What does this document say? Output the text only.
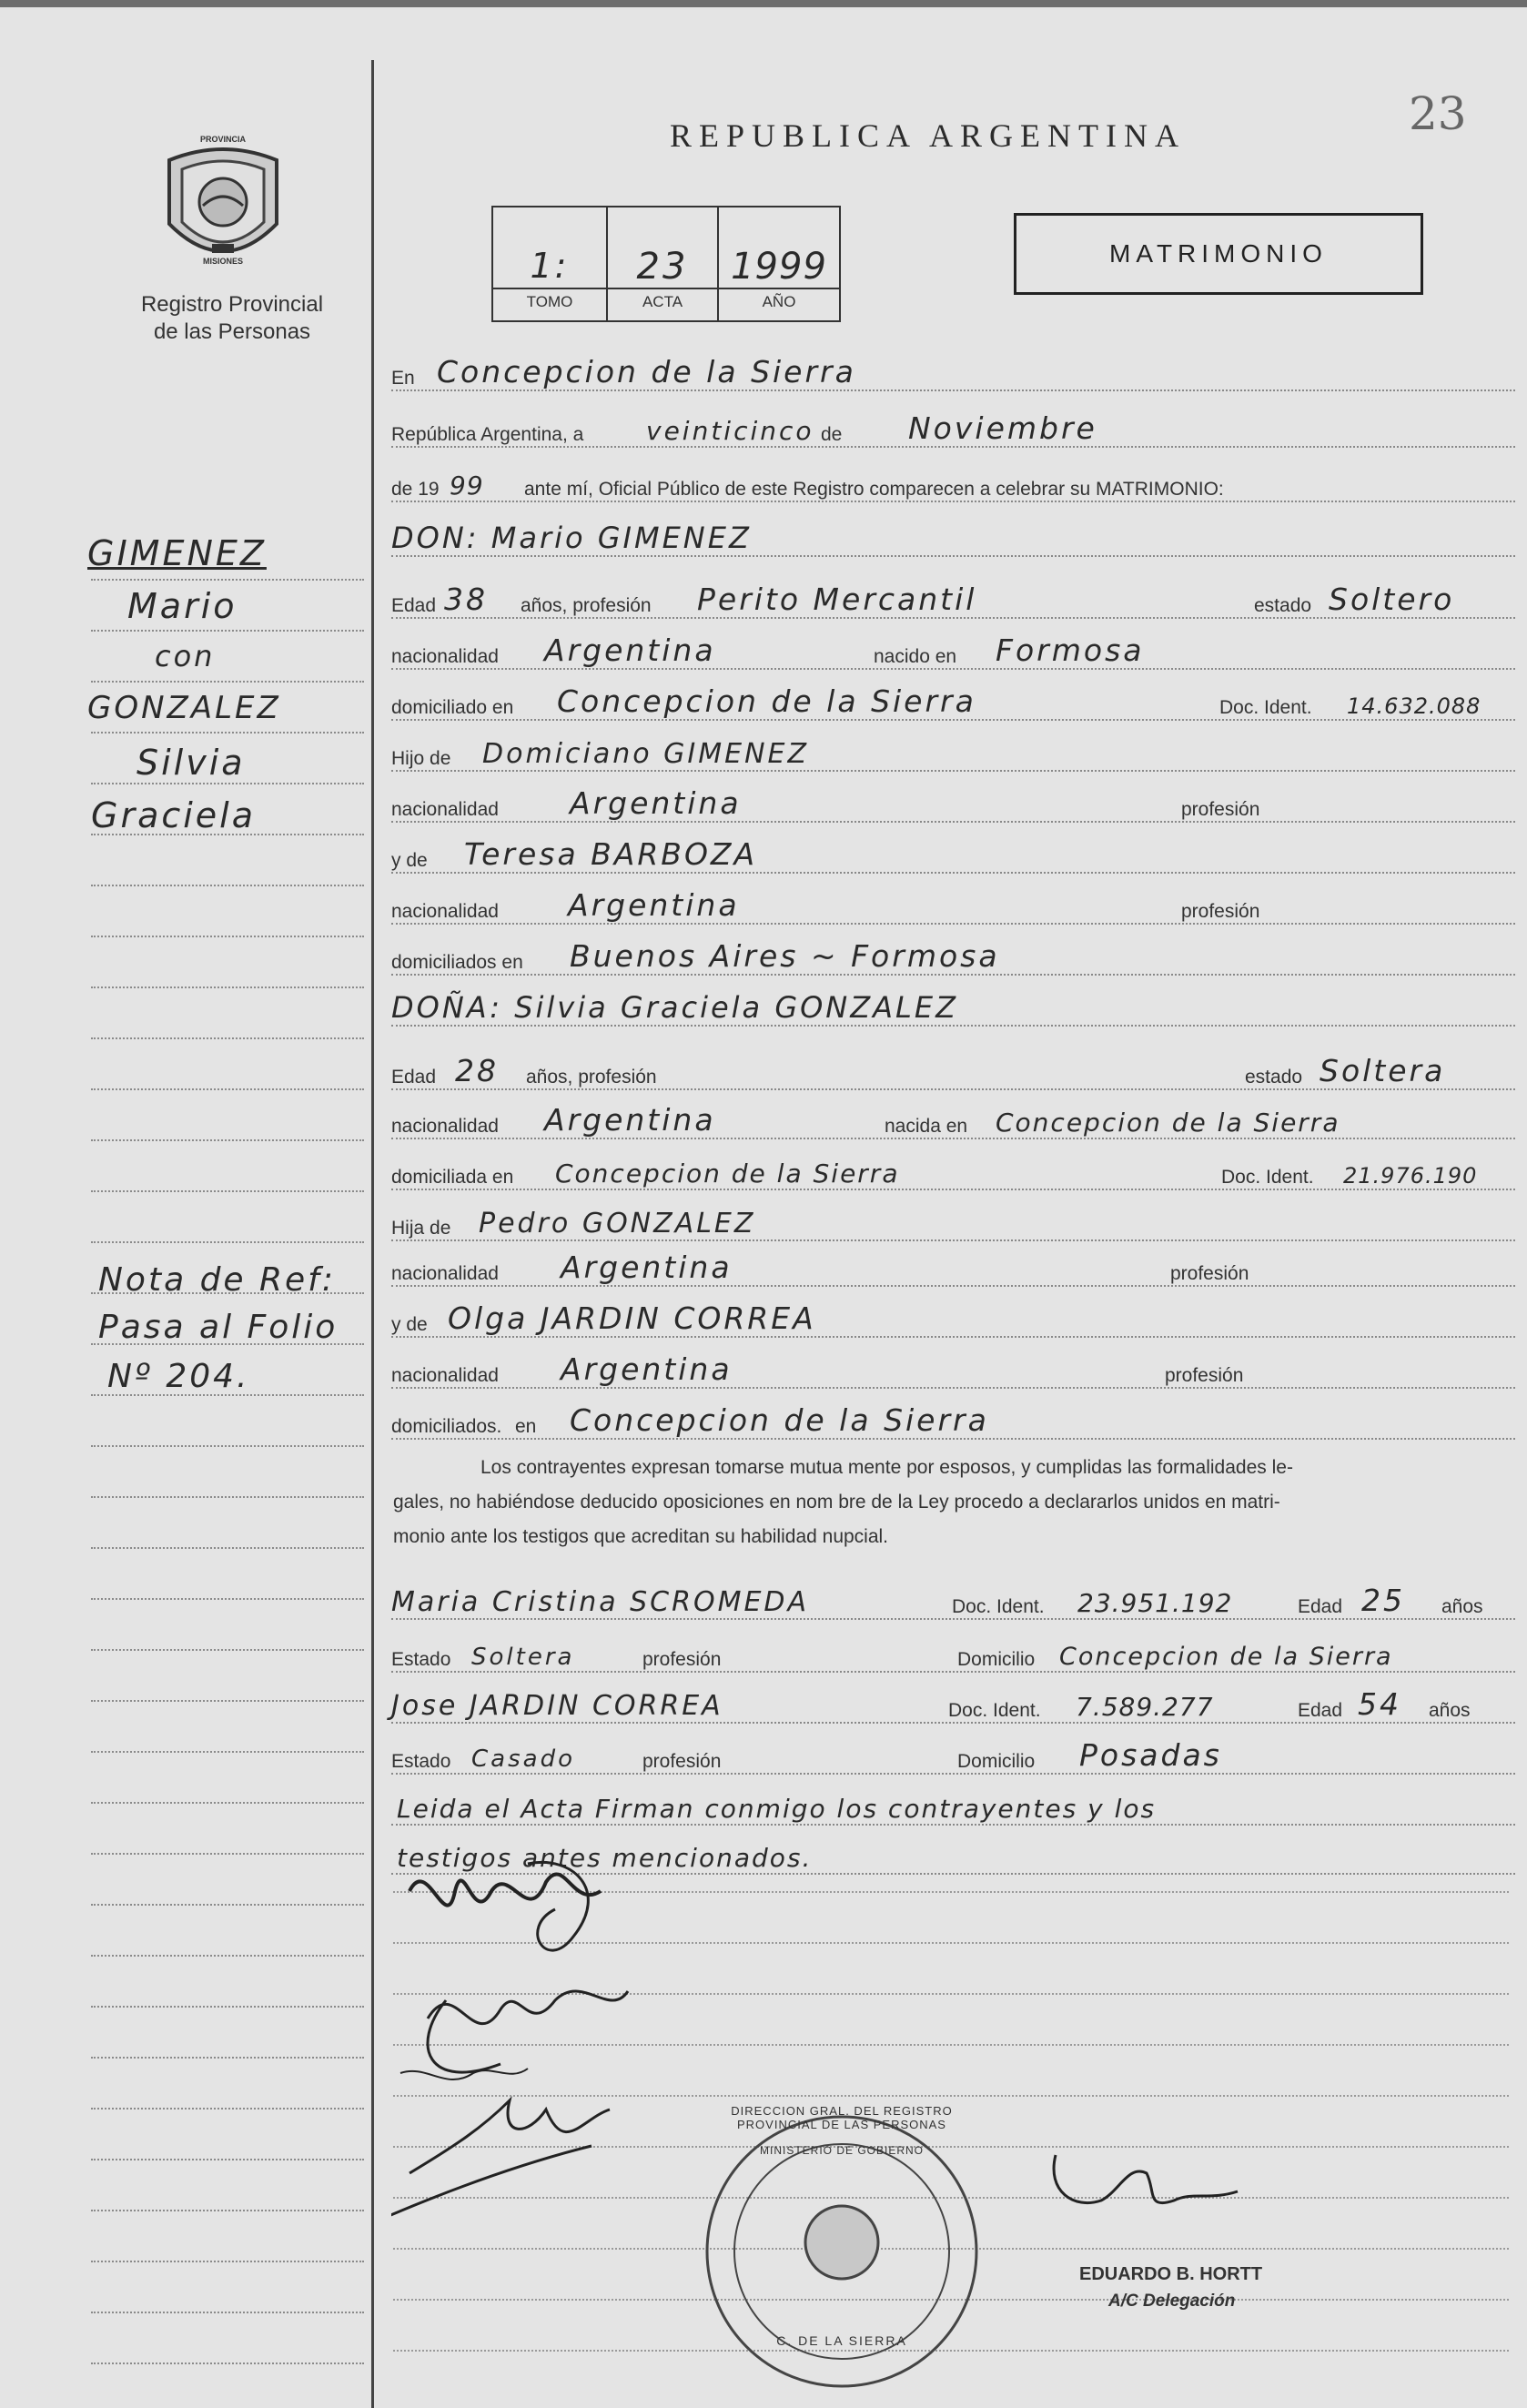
PROVINCIA
MISIONES
Registro Provincial
de las Personas
GIMENEZ
Mario
con
GONZALEZ
Silvia
Graciela
Nota de Ref:
Pasa al Folio
Nº 204.
23
REPUBLICA ARGENTINA
1:	23	1999
TOMO	ACTA	AÑO
MATRIMONIO
En Concepcion de la Sierra
República Argentina, a veinticinco de Noviembre
de 19 99 ante mí, Oficial Público de este Registro comparecen a celebrar su MATRIMONIO:
DON: Mario GIMENEZ
Edad 38 años, profesión Perito Mercantil	estado Soltero
nacionalidad Argentina	nacido en Formosa
domiciliado en Concepcion de la Sierra	Doc. Ident. 14.632.088
Hijo de Domiciano GIMENEZ
nacionalidad Argentina	profesión
y de Teresa BARBOZA
nacionalidad Argentina	profesión
domiciliados en Buenos Aires ~ Formosa
DOÑA: Silvia Graciela GONZALEZ
Edad 28 años, profesión	estado Soltera
nacionalidad Argentina	nacida en Concepcion de la Sierra
domiciliada en Concepcion de la Sierra	Doc. Ident. 21.976.190
Hija de Pedro GONZALEZ
nacionalidad Argentina	profesión
y de Olga JARDIN CORREA
nacionalidad Argentina	profesión
domiciliados. en Concepcion de la Sierra
Los contrayentes expresan tomarse mutua mente por esposos, y cumplidas las formalidades le-
gales, no habiéndose deducido oposiciones en nom bre de la Ley procedo a declararlos unidos en matri-
monio ante los testigos que acreditan su habilidad nupcial.
Maria Cristina SCROMEDA	Doc. Ident. 23.951.192	Edad 25 años
Estado Soltera	profesión	Domicilio Concepcion de la Sierra
Jose JARDIN CORREA	Doc. Ident. 7.589.277	Edad 54 años
Estado Casado	profesión	Domicilio Posadas
Leida el Acta Firman conmigo los contrayentes y los
testigos antes mencionados.
DIRECCION GRAL. DEL REGISTRO PROVINCIAL DE LAS PERSONAS
MINISTERIO DE GOBIERNO
C. DE LA SIERRA
EDUARDO B. HORTT
A/C Delegación
